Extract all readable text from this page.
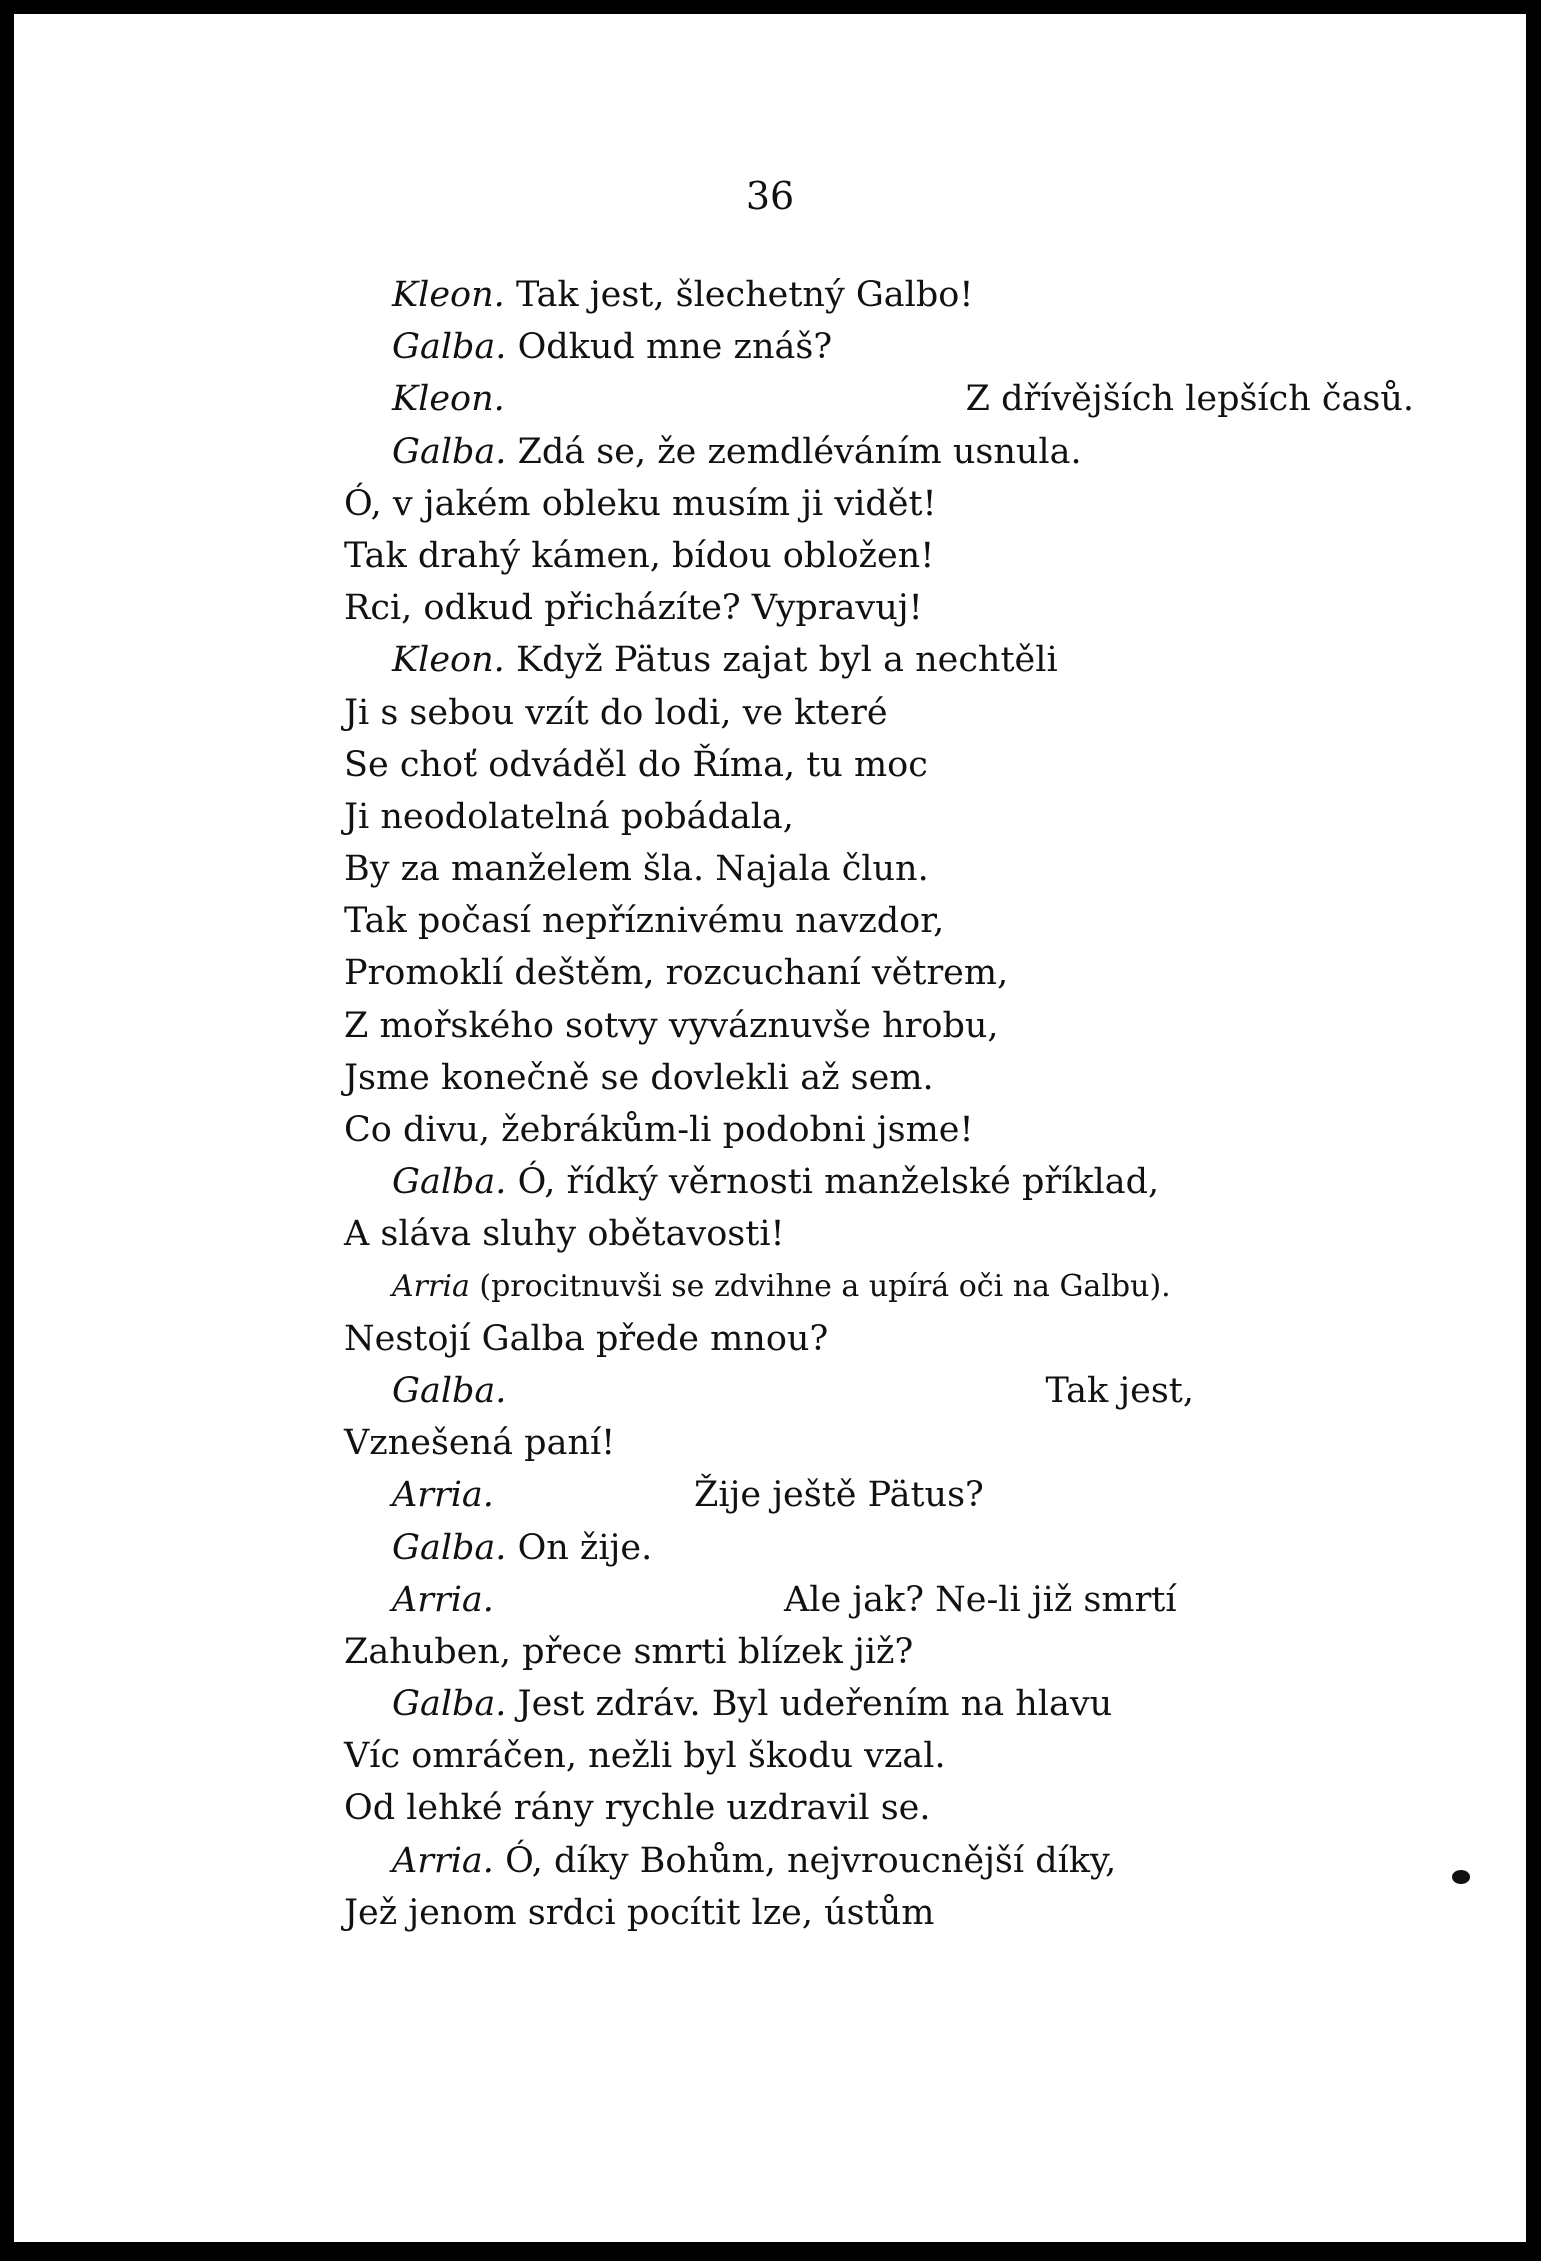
36
Kleon. Tak jest, šlechetný Galbo!
Galba. Odkud mne znáš?
Kleon.	Z dřívějších lepších časů.
Galba. Zdá se, že zemdléváním usnula.
Ó, v jakém obleku musím ji vidět!
Tak drahý kámen, bídou obložen!
Rci, odkud přicházíte? Vypravuj!
Kleon. Když Pätus zajat byl a nechtěli
Ji s sebou vzít do lodi, ve které
Se choť odváděl do Říma, tu moc
Ji neodolatelná pobádala,
By za manželem šla. Najala člun.
Tak počasí nepříznivému navzdor,
Promoklí deštěm, rozcuchaní větrem,
Z mořského sotvy vyváznuvše hrobu,
Jsme konečně se dovlekli až sem.
Co divu, žebrákům-li podobni jsme!
Galba. Ó, řídký věrnosti manželské příklad,
A sláva sluhy obětavosti!
Arria (procitnuvši se zdvihne a upírá oči na Galbu).
Nestojí Galba přede mnou?
Galba.	Tak jest,
Vznešená paní!
Arria.	Žije ještě Pätus?
Galba. On žije.
Arria.	Ale jak? Ne-li již smrtí
Zahuben, přece smrti blízek již?
Galba. Jest zdráv. Byl udeřením na hlavu
Víc omráčen, nežli byl škodu vzal.
Od lehké rány rychle uzdravil se.
Arria. Ó, díky Bohům, nejvroucnější díky,
Jež jenom srdci pocítit lze, ústům
